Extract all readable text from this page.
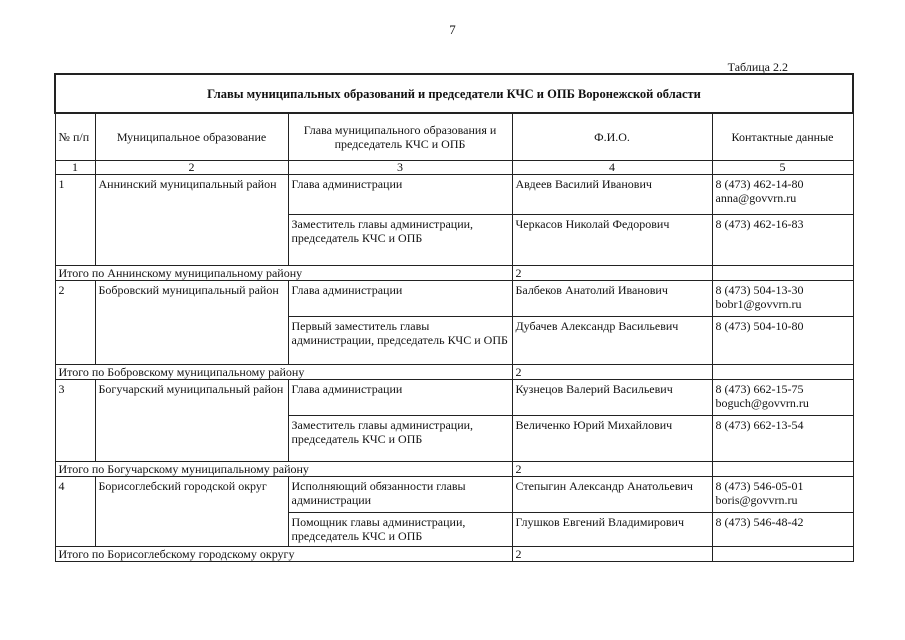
7
Таблица 2.2
Главы муниципальных образований и председатели КЧС и ОПБ Воронежской области				
№ п/п	Муниципальное образование	Глава муниципального образования и председатель КЧС и ОПБ	Ф.И.О.	Контактные данные
1	2	3	4	5
1	Аннинский муниципальный район	Глава администрации	Авдеев Василий Иванович	8 (473) 462-14-80
anna@govvrn.ru

		Заместитель главы администрации, председатель КЧС и ОПБ	Черкасов Николай Федорович	8 (473) 462-16-83

Итого по Аннинскому муниципальному району			2	
2	Бобровский муниципальный район	Глава администрации	Балбеков Анатолий Иванович	8 (473) 504-13-30
bobr1@govvrn.ru

		Первый заместитель главы администрации, председатель КЧС и ОПБ	Дубачев Александр Васильевич	8 (473) 504-10-80

Итого по Бобровскому муниципальному району			2	
3	Богучарский муниципальный район	Глава администрации	Кузнецов Валерий Васильевич	8 (473) 662-15-75
boguch@govvrn.ru

		Заместитель главы администрации, председатель КЧС и ОПБ	Величенко Юрий Михайлович	8 (473) 662-13-54

Итого по Богучарскому муниципальному району			2	
4	Борисоглебский городской округ	Исполняющий обязанности главы администрации	Степыгин Александр Анатольевич	8 (473) 546-05-01
boris@govvrn.ru

		Помощник главы администрации, председатель КЧС и ОПБ	Глушков Евгений Владимирович	8 (473) 546-48-42

Итого по Борисоглебскому городскому округу			2	
